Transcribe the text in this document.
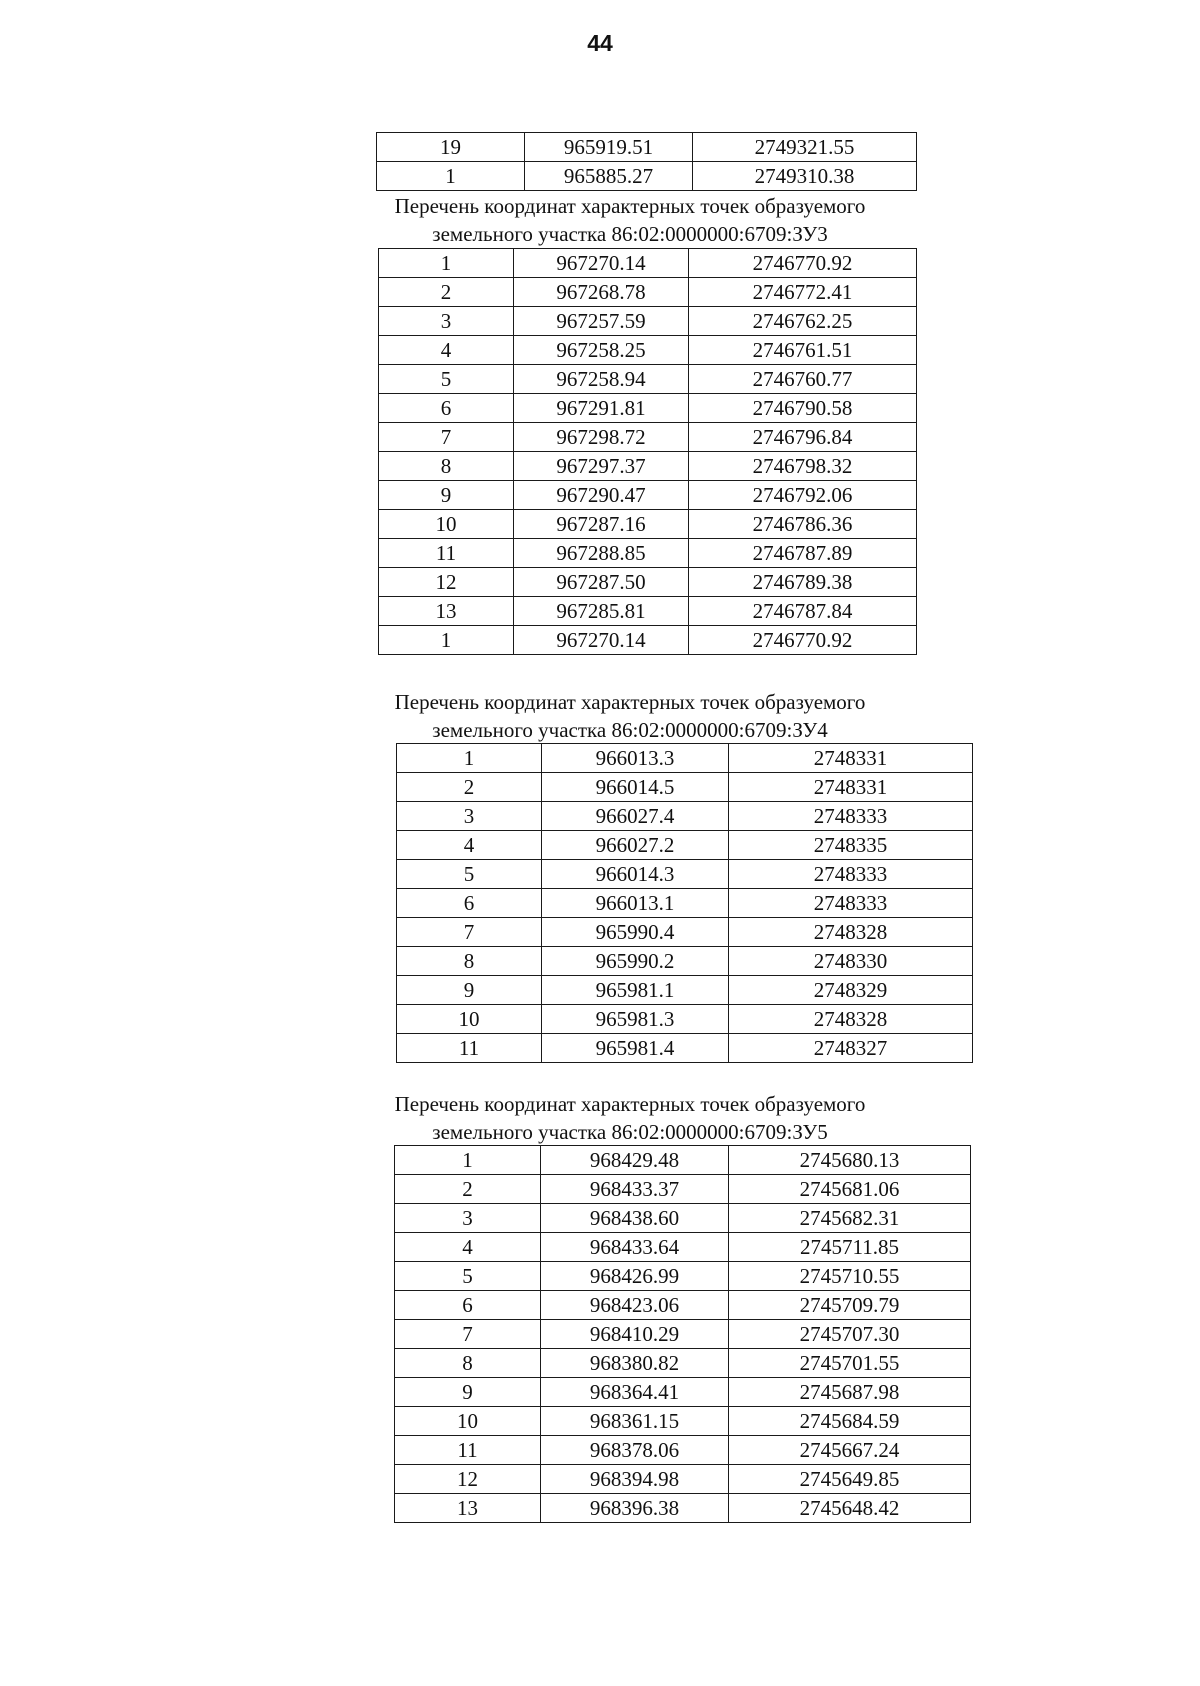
44
19	965919.51	2749321.55
1	965885.27	2749310.38
Перечень координат характерных точек образуемого
земельного участка 86:02:0000000:6709:ЗУ3
1	967270.14	2746770.92
2	967268.78	2746772.41
3	967257.59	2746762.25
4	967258.25	2746761.51
5	967258.94	2746760.77
6	967291.81	2746790.58
7	967298.72	2746796.84
8	967297.37	2746798.32
9	967290.47	2746792.06
10	967287.16	2746786.36
11	967288.85	2746787.89
12	967287.50	2746789.38
13	967285.81	2746787.84
1	967270.14	2746770.92
Перечень координат характерных точек образуемого
земельного участка 86:02:0000000:6709:ЗУ4
1	966013.3	2748331
2	966014.5	2748331
3	966027.4	2748333
4	966027.2	2748335
5	966014.3	2748333
6	966013.1	2748333
7	965990.4	2748328
8	965990.2	2748330
9	965981.1	2748329
10	965981.3	2748328
11	965981.4	2748327
Перечень координат характерных точек образуемого
земельного участка 86:02:0000000:6709:ЗУ5
1	968429.48	2745680.13
2	968433.37	2745681.06
3	968438.60	2745682.31
4	968433.64	2745711.85
5	968426.99	2745710.55
6	968423.06	2745709.79
7	968410.29	2745707.30
8	968380.82	2745701.55
9	968364.41	2745687.98
10	968361.15	2745684.59
11	968378.06	2745667.24
12	968394.98	2745649.85
13	968396.38	2745648.42
